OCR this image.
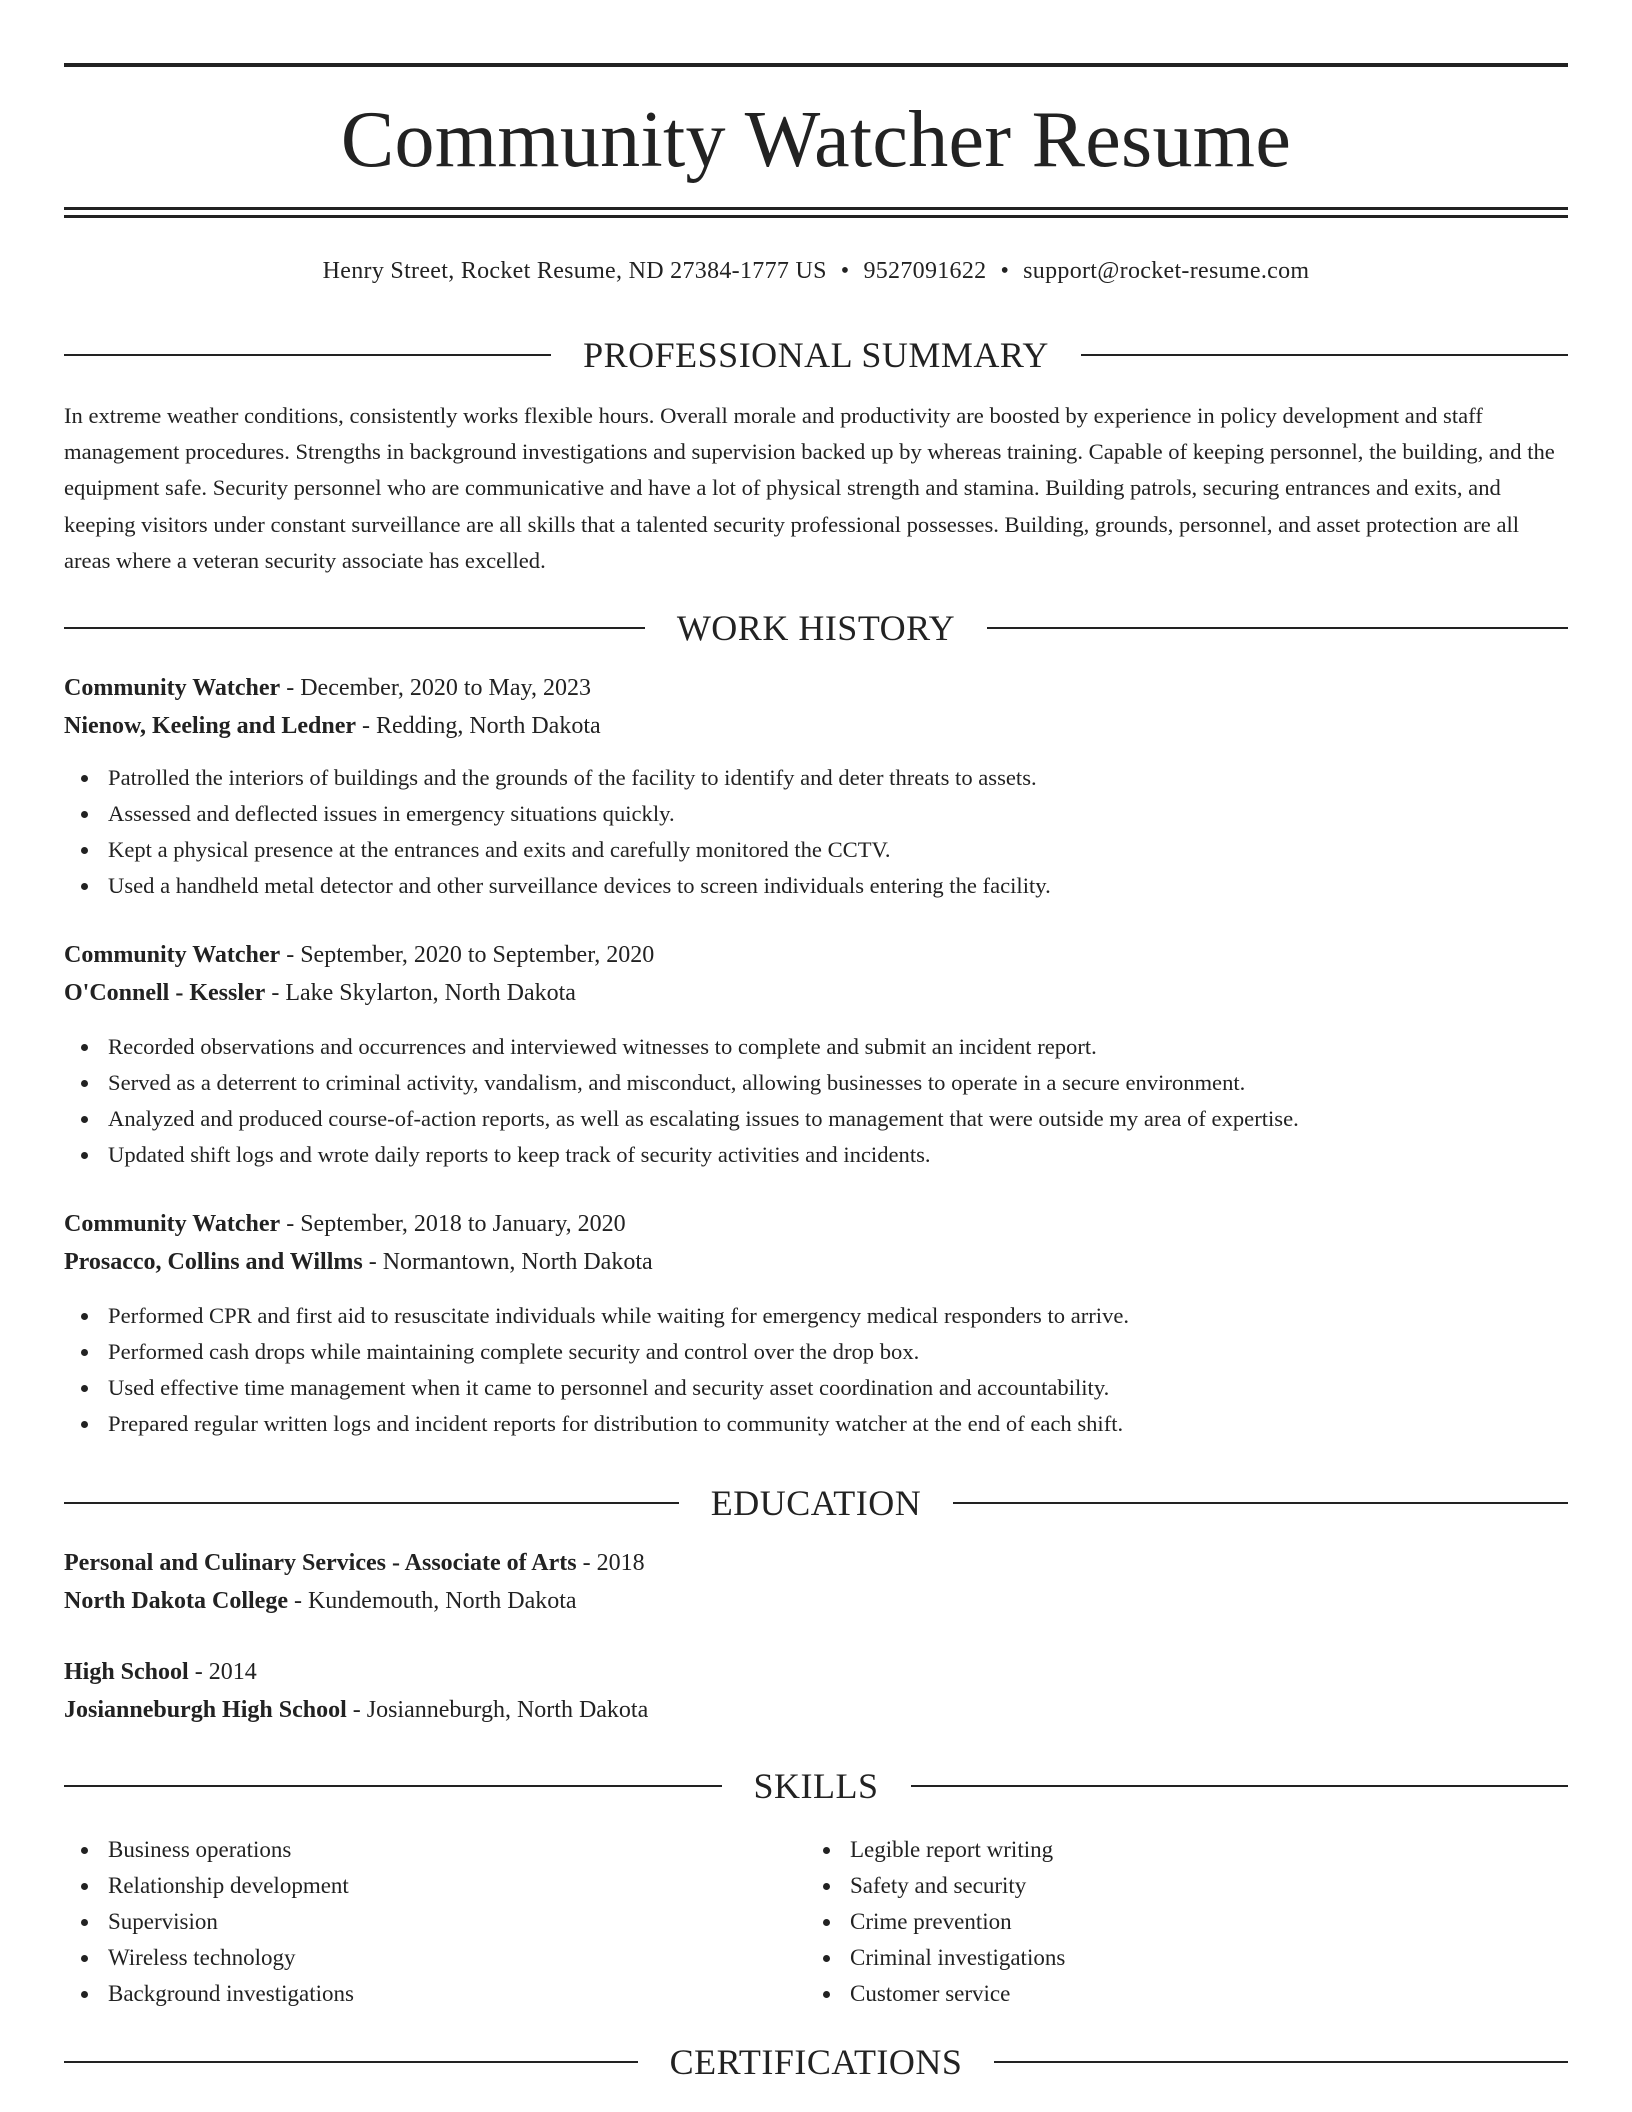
Community Watcher Resume
Henry Street, Rocket Resume, ND 27384-1777 US • 9527091622 • support@rocket-resume.com
PROFESSIONAL SUMMARY

In extreme weather conditions, consistently works flexible hours. Overall morale and productivity are boosted by experience in policy development and staff management procedures. Strengths in background investigations and supervision backed up by whereas training. Capable of keeping personnel, the building, and the equipment safe. Security personnel who are communicative and have a lot of physical strength and stamina. Building patrols, securing entrances and exits, and keeping visitors under constant surveillance are all skills that a talented security professional possesses. Building, grounds, personnel, and asset protection are all areas where a veteran security associate has excelled.

WORK HISTORY
Community Watcher - December, 2020 to May, 2023
Nienow, Keeling and Ledner - Redding, North Dakota
Patrolled the interiors of buildings and the grounds of the facility to identify and deter threats to assets.
Assessed and deflected issues in emergency situations quickly.
Kept a physical presence at the entrances and exits and carefully monitored the CCTV.
Used a handheld metal detector and other surveillance devices to screen individuals entering the facility.
Community Watcher - September, 2020 to September, 2020
O'Connell - Kessler - Lake Skylarton, North Dakota
Recorded observations and occurrences and interviewed witnesses to complete and submit an incident report.
Served as a deterrent to criminal activity, vandalism, and misconduct, allowing businesses to operate in a secure environment.
Analyzed and produced course-of-action reports, as well as escalating issues to management that were outside my area of expertise.
Updated shift logs and wrote daily reports to keep track of security activities and incidents.
Community Watcher - September, 2018 to January, 2020
Prosacco, Collins and Willms - Normantown, North Dakota
Performed CPR and first aid to resuscitate individuals while waiting for emergency medical responders to arrive.
Performed cash drops while maintaining complete security and control over the drop box.
Used effective time management when it came to personnel and security asset coordination and accountability.
Prepared regular written logs and incident reports for distribution to community watcher at the end of each shift.
EDUCATION
Personal and Culinary Services - Associate of Arts - 2018
North Dakota College - Kundemouth, North Dakota
High School - 2014
Josianneburgh High School - Josianneburgh, North Dakota
SKILLS
Business operations
Relationship development
Supervision
Wireless technology
Background investigations
Legible report writing
Safety and security
Crime prevention
Criminal investigations
Customer service
CERTIFICATIONS
